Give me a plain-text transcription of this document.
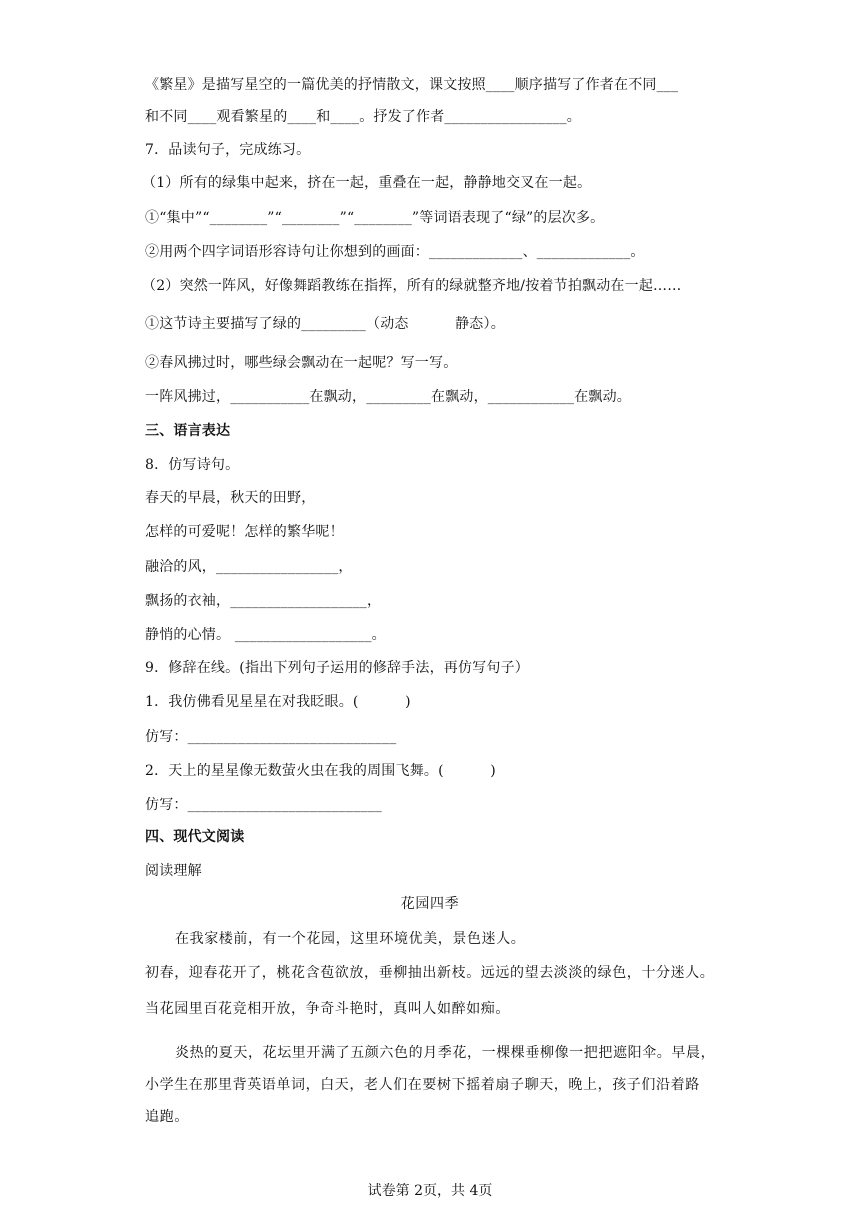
《繁星》是描写星空的一篇优美的抒情散文，课文按照____顺序描写了作者在不同___
和不同____观看繁星的____和____。抒发了作者_________________。
7．品读句子，完成练习。
（1）所有的绿集中起来，挤在一起，重叠在一起，静静地交叉在一起。
①“集中”“________”“________”“________”等词语表现了“绿”的层次多。
②用两个四字词语形容诗句让你想到的画面：_____________、_____________。
（2）突然一阵风，好像舞蹈教练在指挥，所有的绿就整齐地/按着节拍飘动在一起……
①这节诗主要描写了绿的_________（动态          静态）。
②春风拂过时，哪些绿会飘动在一起呢？写一写。
一阵风拂过，___________在飘动，_________在飘动，____________在飘动。
三、语言表达
8．仿写诗句。
春天的早晨，秋天的田野，
怎样的可爱呢！怎样的繁华呢！
融洽的风，_________________，
飘扬的衣袖，___________________，
静悄的心情。 ___________________。
9．修辞在线。(指出下列句子运用的修辞手法，再仿写句子）
1．我仿佛看见星星在对我眨眼。(          )
仿写：_____________________________
2．天上的星星像无数萤火虫在我的周围飞舞。(          )
仿写：___________________________
四、现代文阅读
阅读理解
花园四季
在我家楼前，有一个花园，这里环境优美，景色迷人。
初春，迎春花开了，桃花含苞欲放，垂柳抽出新枝。远远的望去淡淡的绿色，十分迷人。
当花园里百花竞相开放，争奇斗艳时，真叫人如醉如痴。
炎热的夏天，花坛里开满了五颜六色的月季花，一棵棵垂柳像一把把遮阳伞。早晨，
小学生在那里背英语单词，白天，老人们在要树下摇着扇子聊天，晚上，孩子们沿着路
追跑。
试卷第 2页，共 4页
